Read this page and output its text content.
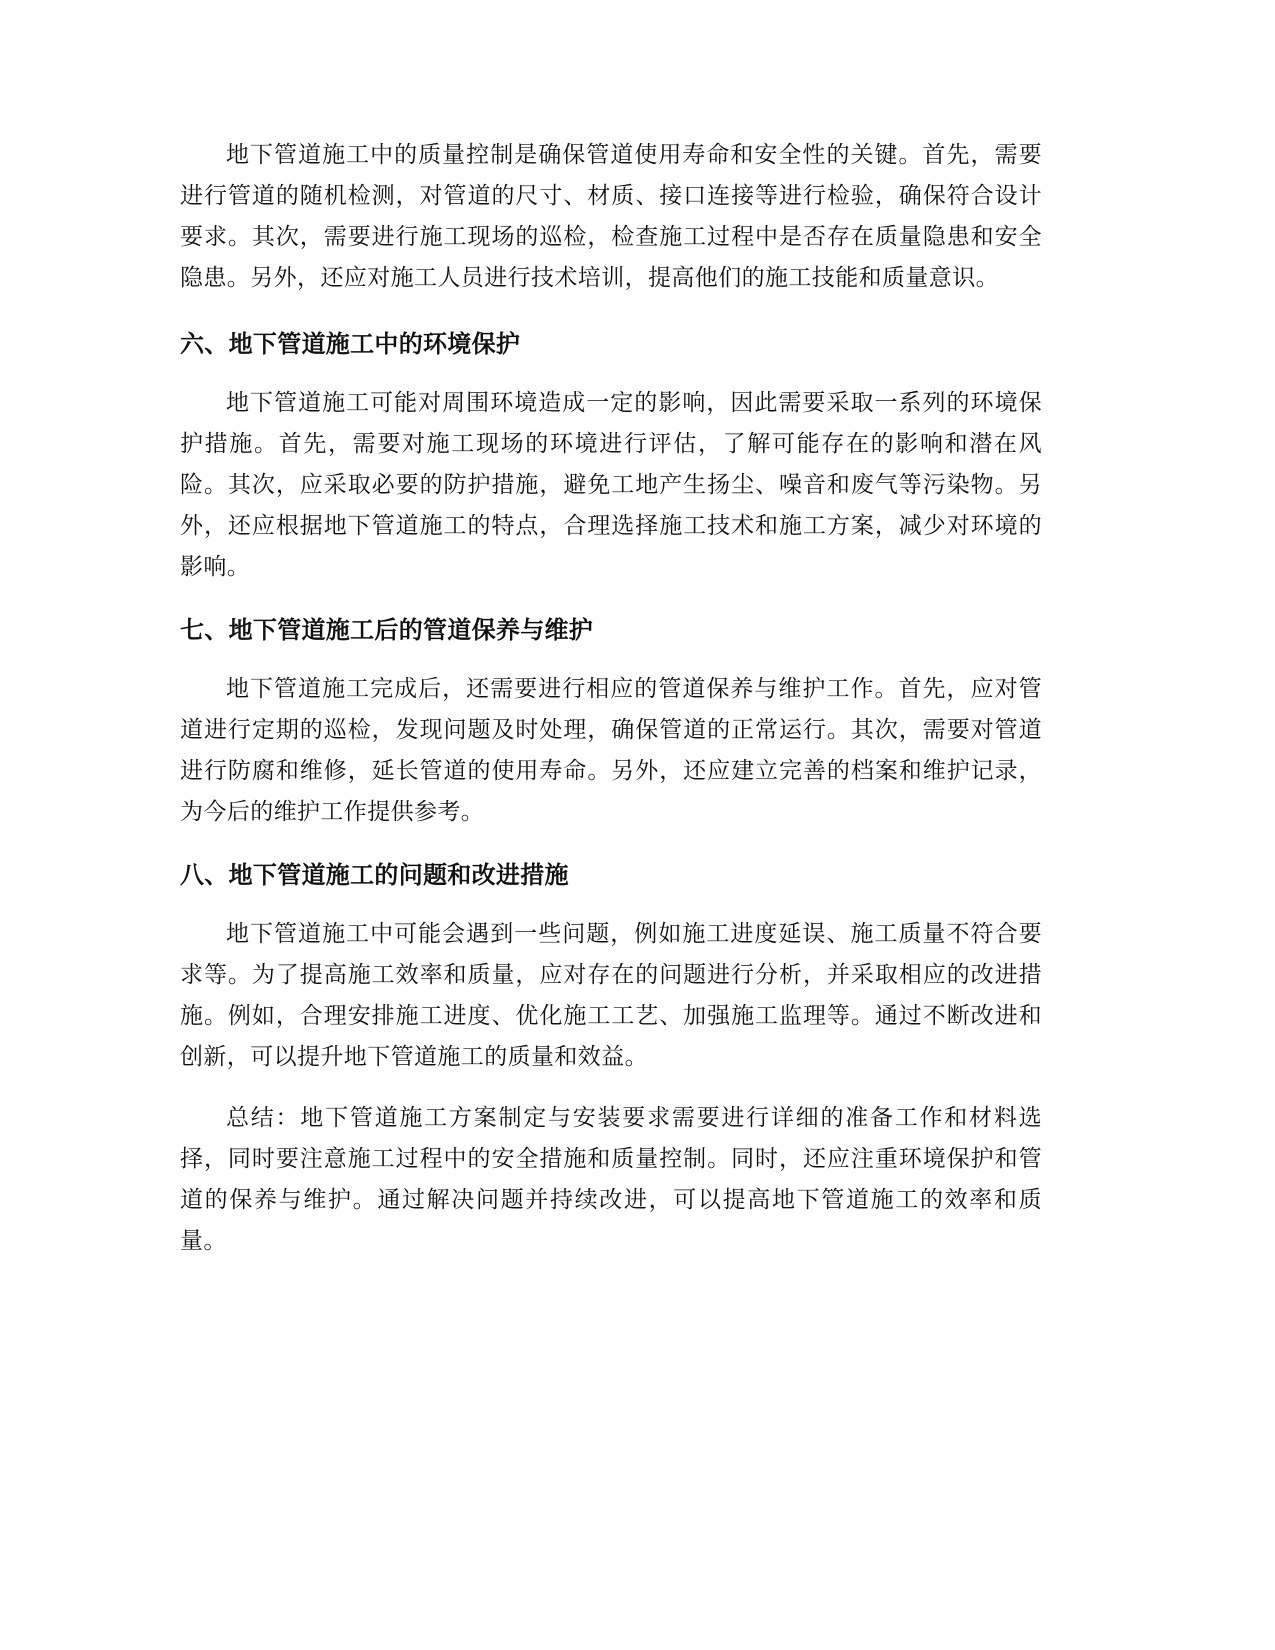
地下管道施工中的质量控制是确保管道使用寿命和安全性的关键。首先，需要进行管道的随机检测，对管道的尺寸、材质、接口连接等进行检验，确保符合设计要求。其次，需要进行施工现场的巡检，检查施工过程中是否存在质量隐患和安全隐患。另外，还应对施工人员进行技术培训，提高他们的施工技能和质量意识。

六、地下管道施工中的环境保护

地下管道施工可能对周围环境造成一定的影响，因此需要采取一系列的环境保护措施。首先，需要对施工现场的环境进行评估，了解可能存在的影响和潜在风险。其次，应采取必要的防护措施，避免工地产生扬尘、噪音和废气等污染物。另外，还应根据地下管道施工的特点，合理选择施工技术和施工方案，减少对环境的影响。

七、地下管道施工后的管道保养与维护

地下管道施工完成后，还需要进行相应的管道保养与维护工作。首先，应对管道进行定期的巡检，发现问题及时处理，确保管道的正常运行。其次，需要对管道进行防腐和维修，延长管道的使用寿命。另外，还应建立完善的档案和维护记录，为今后的维护工作提供参考。

八、地下管道施工的问题和改进措施

地下管道施工中可能会遇到一些问题，例如施工进度延误、施工质量不符合要求等。为了提高施工效率和质量，应对存在的问题进行分析，并采取相应的改进措施。例如，合理安排施工进度、优化施工工艺、加强施工监理等。通过不断改进和创新，可以提升地下管道施工的质量和效益。

总结：地下管道施工方案制定与安装要求需要进行详细的准备工作和材料选择，同时要注意施工过程中的安全措施和质量控制。同时，还应注重环境保护和管道的保养与维护。通过解决问题并持续改进，可以提高地下管道施工的效率和质量。
